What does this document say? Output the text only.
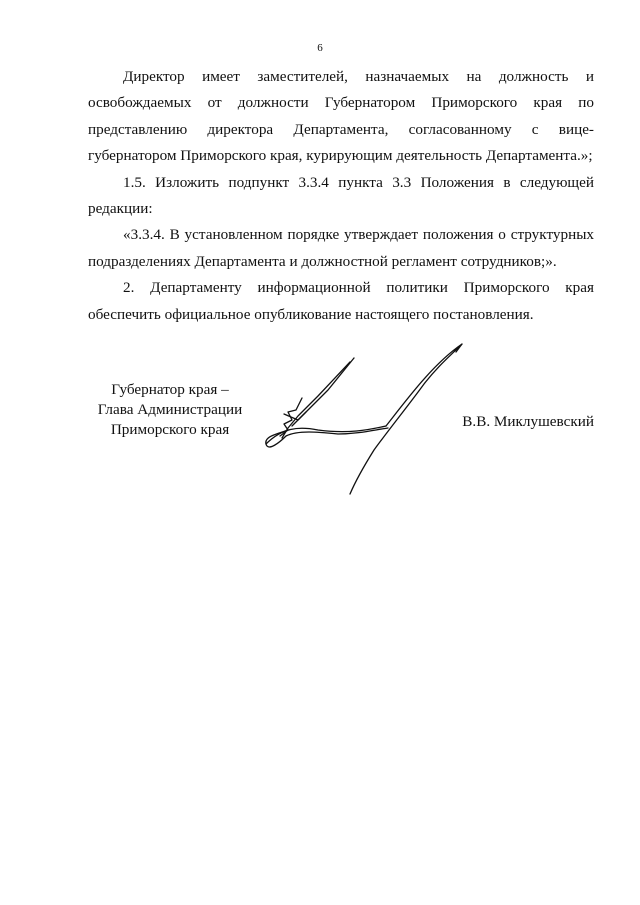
6

Директор имеет заместителей, назначаемых на должность и освобождаемых от должности Губернатором Приморского края по представлению директора Департамента, согласованному с вице-губернатором Приморского края, курирующим деятельность Департамента.»;

1.5. Изложить подпункт 3.3.4 пункта 3.3 Положения в следующей редакции:

«3.3.4. В установленном порядке утверждает положения о структурных подразделениях Департамента и должностной регламент сотрудников;».

2. Департаменту информационной политики Приморского края обеспечить официальное опубликование настоящего постановления.

Губернатор края –
Глава Администрации
Приморского края	В.В. Миклушевский
